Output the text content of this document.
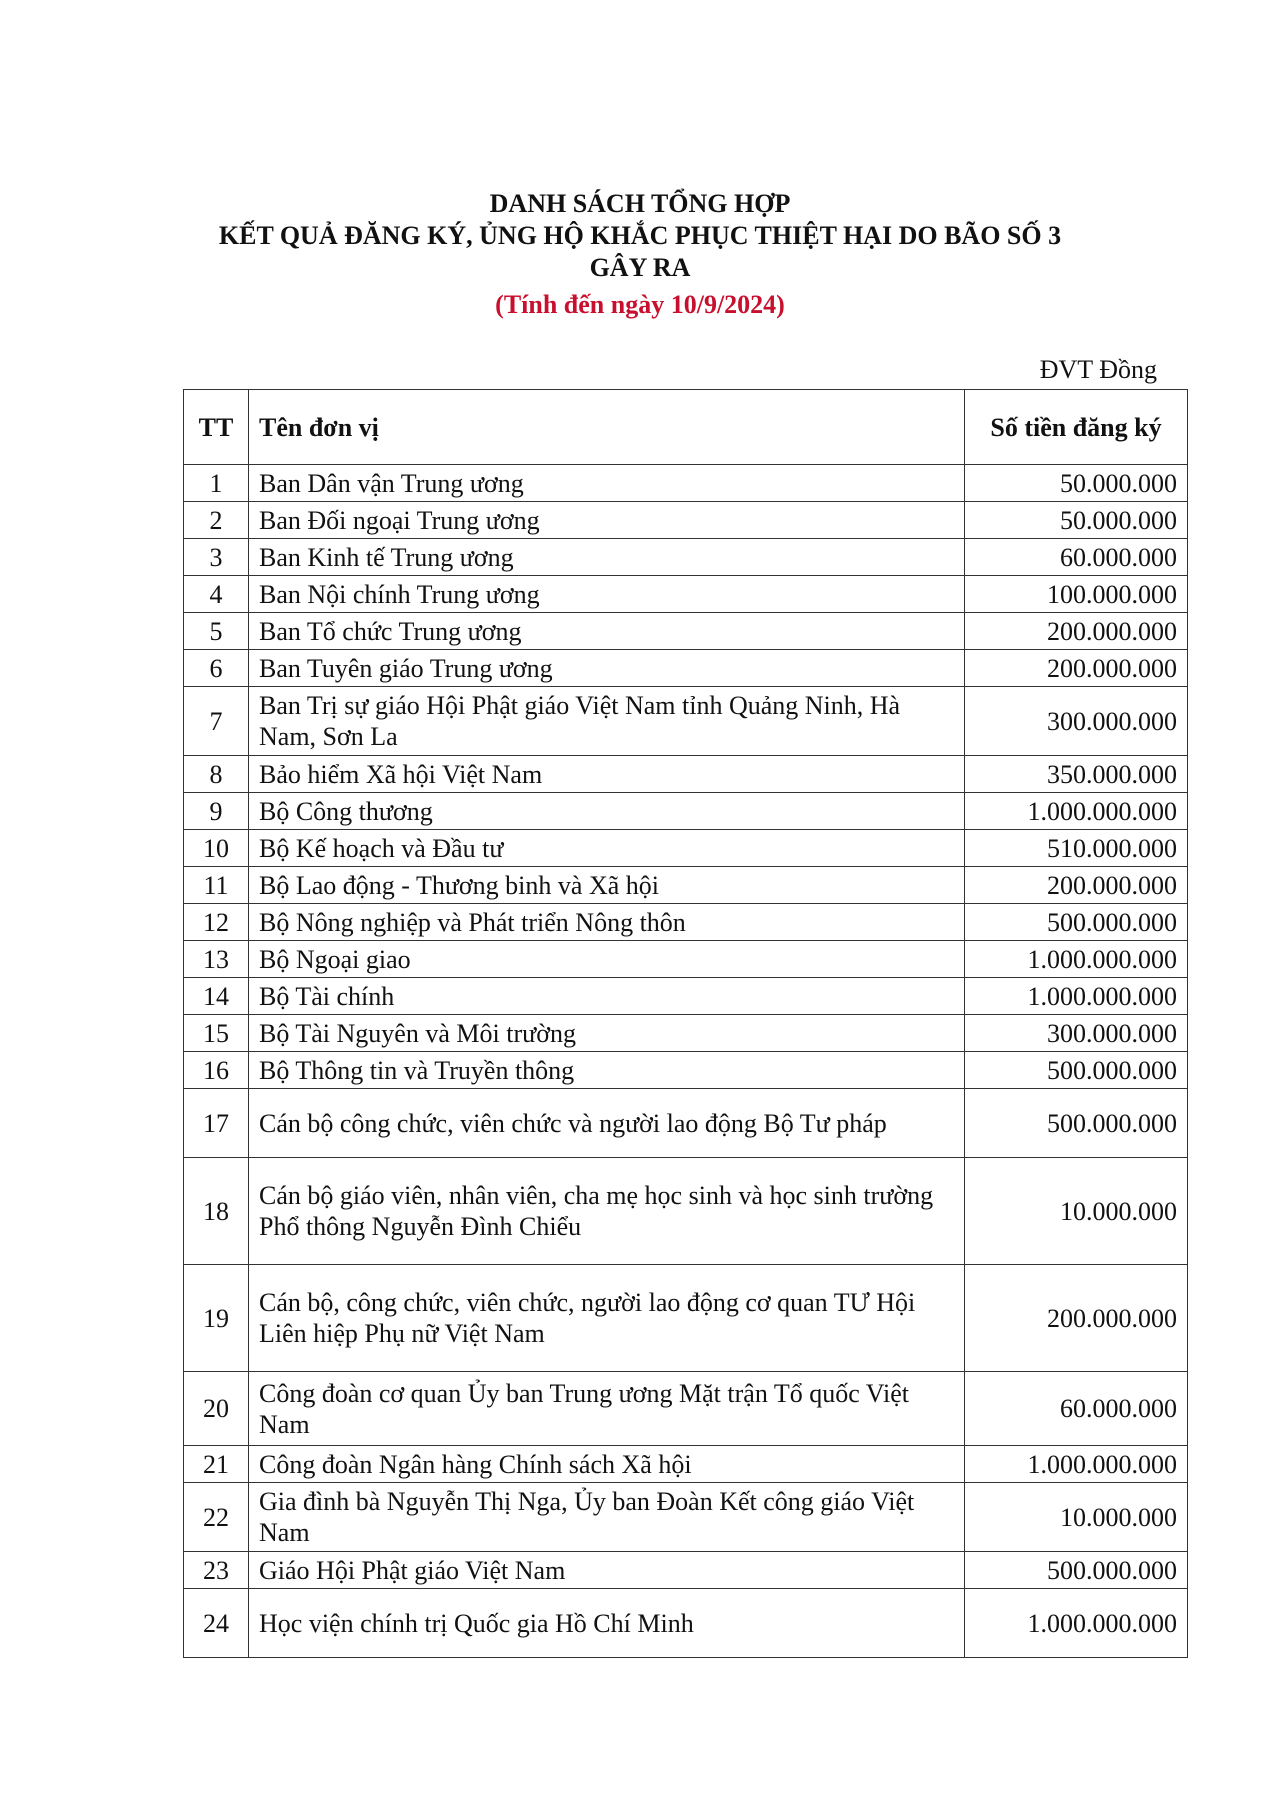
DANH SÁCH TỔNG HỢP
KẾT QUẢ ĐĂNG KÝ, ỦNG HỘ KHẮC PHỤC THIỆT HẠI DO BÃO SỐ 3
GÂY RA
(Tính đến ngày 10/9/2024)
ĐVT Đồng
TT	Tên đơn vị	Số tiền đăng ký
1	Ban Dân vận Trung ương	50.000.000
2	Ban Đối ngoại Trung ương	50.000.000
3	Ban Kinh tế Trung ương	60.000.000
4	Ban Nội chính Trung ương	100.000.000
5	Ban Tổ chức Trung ương	200.000.000
6	Ban Tuyên giáo Trung ương	200.000.000
7	Ban Trị sự giáo Hội Phật giáo Việt Nam tỉnh Quảng Ninh, Hà Nam, Sơn La	300.000.000
8	Bảo hiểm Xã hội Việt Nam	350.000.000
9	Bộ Công thương	1.000.000.000
10	Bộ Kế hoạch và Đầu tư	510.000.000
11	Bộ Lao động - Thương binh và Xã hội	200.000.000
12	Bộ Nông nghiệp và Phát triển Nông thôn	500.000.000
13	Bộ Ngoại giao	1.000.000.000
14	Bộ Tài chính	1.000.000.000
15	Bộ Tài Nguyên và Môi trường	300.000.000
16	Bộ Thông tin và Truyền thông	500.000.000
17	Cán bộ công chức, viên chức và người lao động Bộ Tư pháp	500.000.000
18	Cán bộ giáo viên, nhân viên, cha mẹ học sinh và học sinh trường Phổ thông Nguyễn Đình Chiểu	10.000.000
19	Cán bộ, công chức, viên chức, người lao động cơ quan TƯ Hội Liên hiệp Phụ nữ Việt Nam	200.000.000
20	Công đoàn cơ quan Ủy ban Trung ương Mặt trận Tổ quốc Việt Nam	60.000.000
21	Công đoàn Ngân hàng Chính sách Xã hội	1.000.000.000
22	Gia đình bà Nguyễn Thị Nga, Ủy ban Đoàn Kết công giáo Việt Nam	10.000.000
23	Giáo Hội Phật giáo Việt Nam	500.000.000
24	Học viện chính trị Quốc gia Hồ Chí Minh	1.000.000.000
